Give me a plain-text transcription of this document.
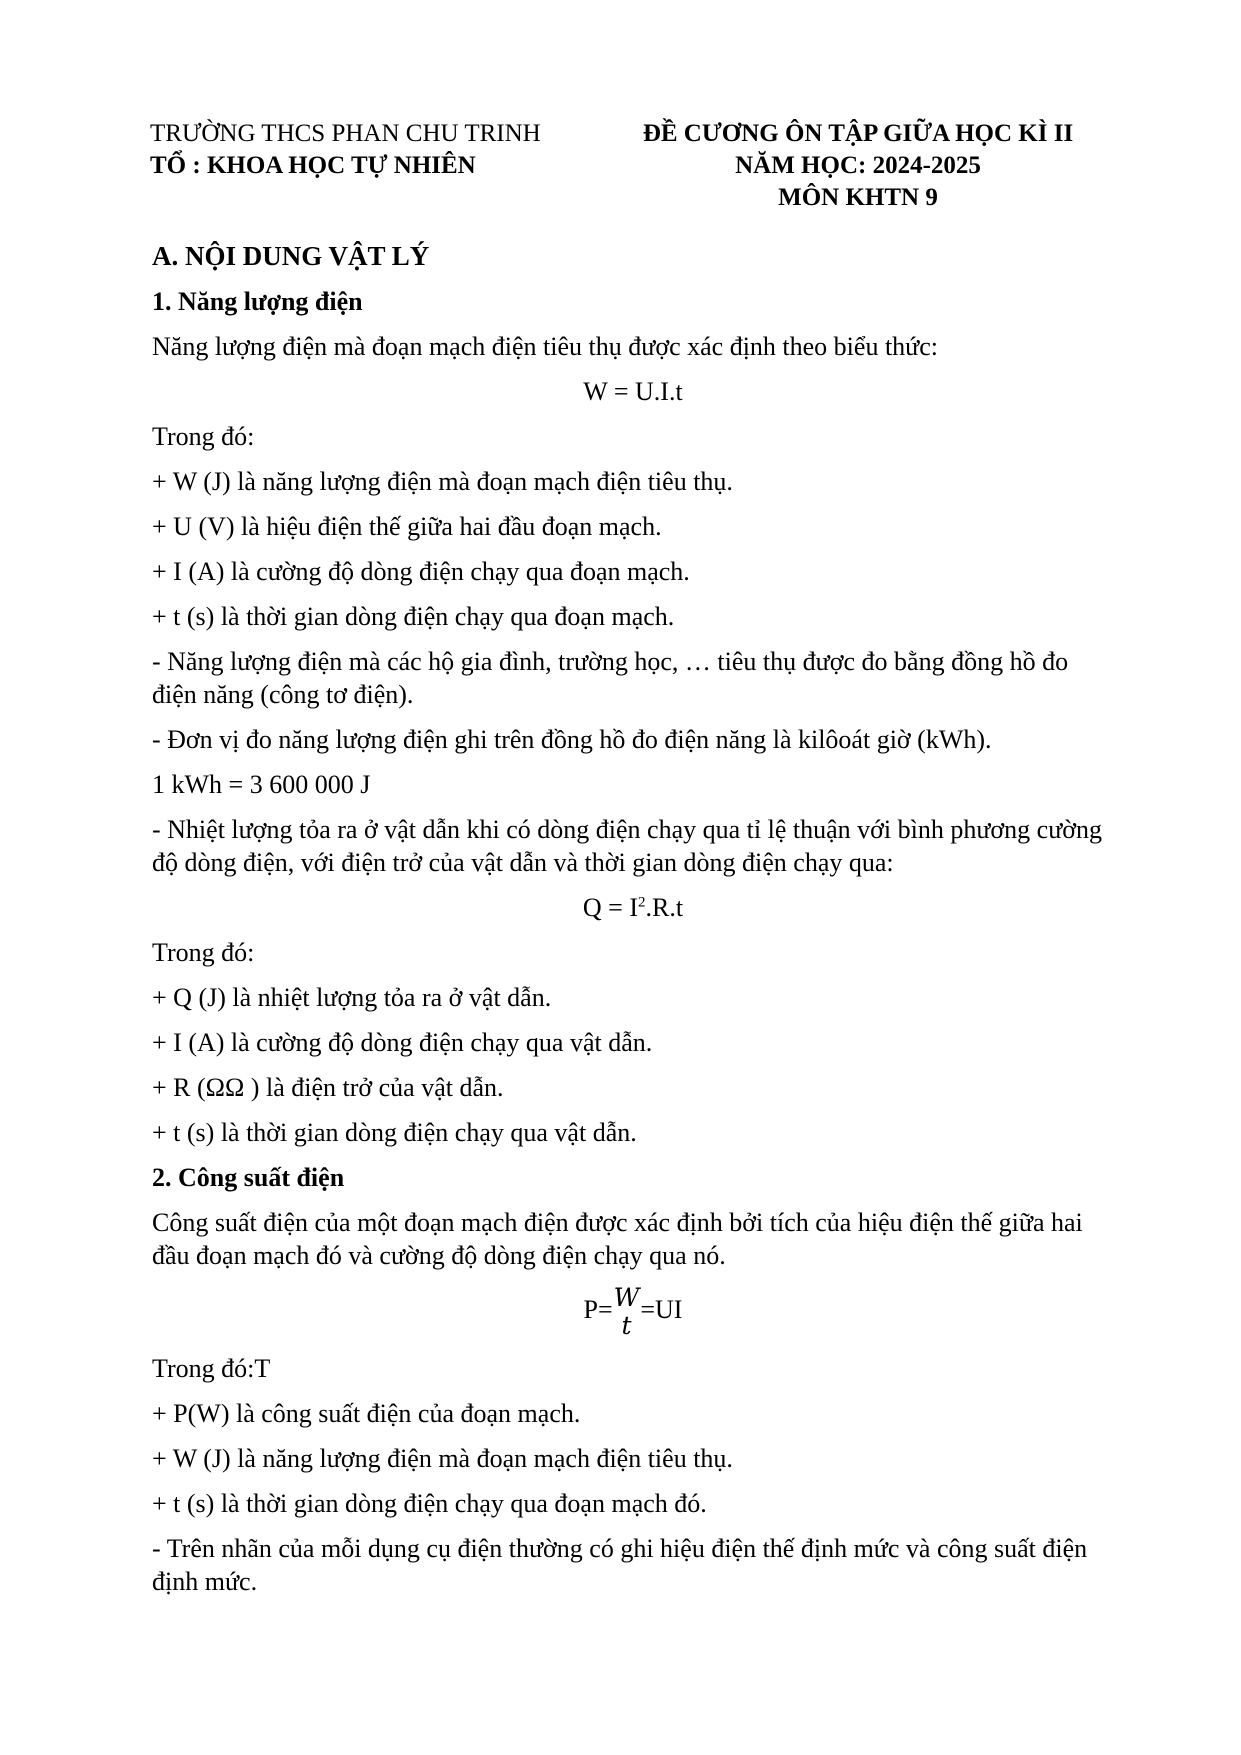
TRƯỜNG THCS PHAN CHU TRINH
TỔ : KHOA HỌC TỰ NHIÊN
ĐỀ CƯƠNG ÔN TẬP GIỮA HỌC KÌ II
NĂM HỌC: 2024-2025
MÔN KHTN 9

A. NỘI DUNG VẬT LÝ

1. Năng lượng điện

Năng lượng điện mà đoạn mạch điện tiêu thụ được xác định theo biểu thức:

W = U.I.t

Trong đó:

+ W (J) là năng lượng điện mà đoạn mạch điện tiêu thụ.

+ U (V) là hiệu điện thế giữa hai đầu đoạn mạch.

+ I (A) là cường độ dòng điện chạy qua đoạn mạch.

+ t (s) là thời gian dòng điện chạy qua đoạn mạch.

- Năng lượng điện mà các hộ gia đình, trường học, … tiêu thụ được đo bằng đồng hồ đo điện năng (công tơ điện).

- Đơn vị đo năng lượng điện ghi trên đồng hồ đo điện năng là kilôoát giờ (kWh).

1 kWh = 3 600 000 J

- Nhiệt lượng tỏa ra ở vật dẫn khi có dòng điện chạy qua tỉ lệ thuận với bình phương cường độ dòng điện, với điện trở của vật dẫn và thời gian dòng điện chạy qua:

$Q = I^2.R.t$

Trong đó:

+ Q (J) là nhiệt lượng tỏa ra ở vật dẫn.

+ I (A) là cường độ dòng điện chạy qua vật dẫn.

+ R (ΩΩ ) là điện trở của vật dẫn.

+ t (s) là thời gian dòng điện chạy qua vật dẫn.

2. Công suất điện

Công suất điện của một đoạn mạch điện được xác định bởi tích của hiệu điện thế giữa hai đầu đoạn mạch đó và cường độ dòng điện chạy qua nó.

P= W
t
=UI

Trong đó:T

+ P(W) là công suất điện của đoạn mạch.

+ W (J) là năng lượng điện mà đoạn mạch điện tiêu thụ.

+ t (s) là thời gian dòng điện chạy qua đoạn mạch đó.

- Trên nhãn của mỗi dụng cụ điện thường có ghi hiệu điện thế định mức và công suất điện định mức.
